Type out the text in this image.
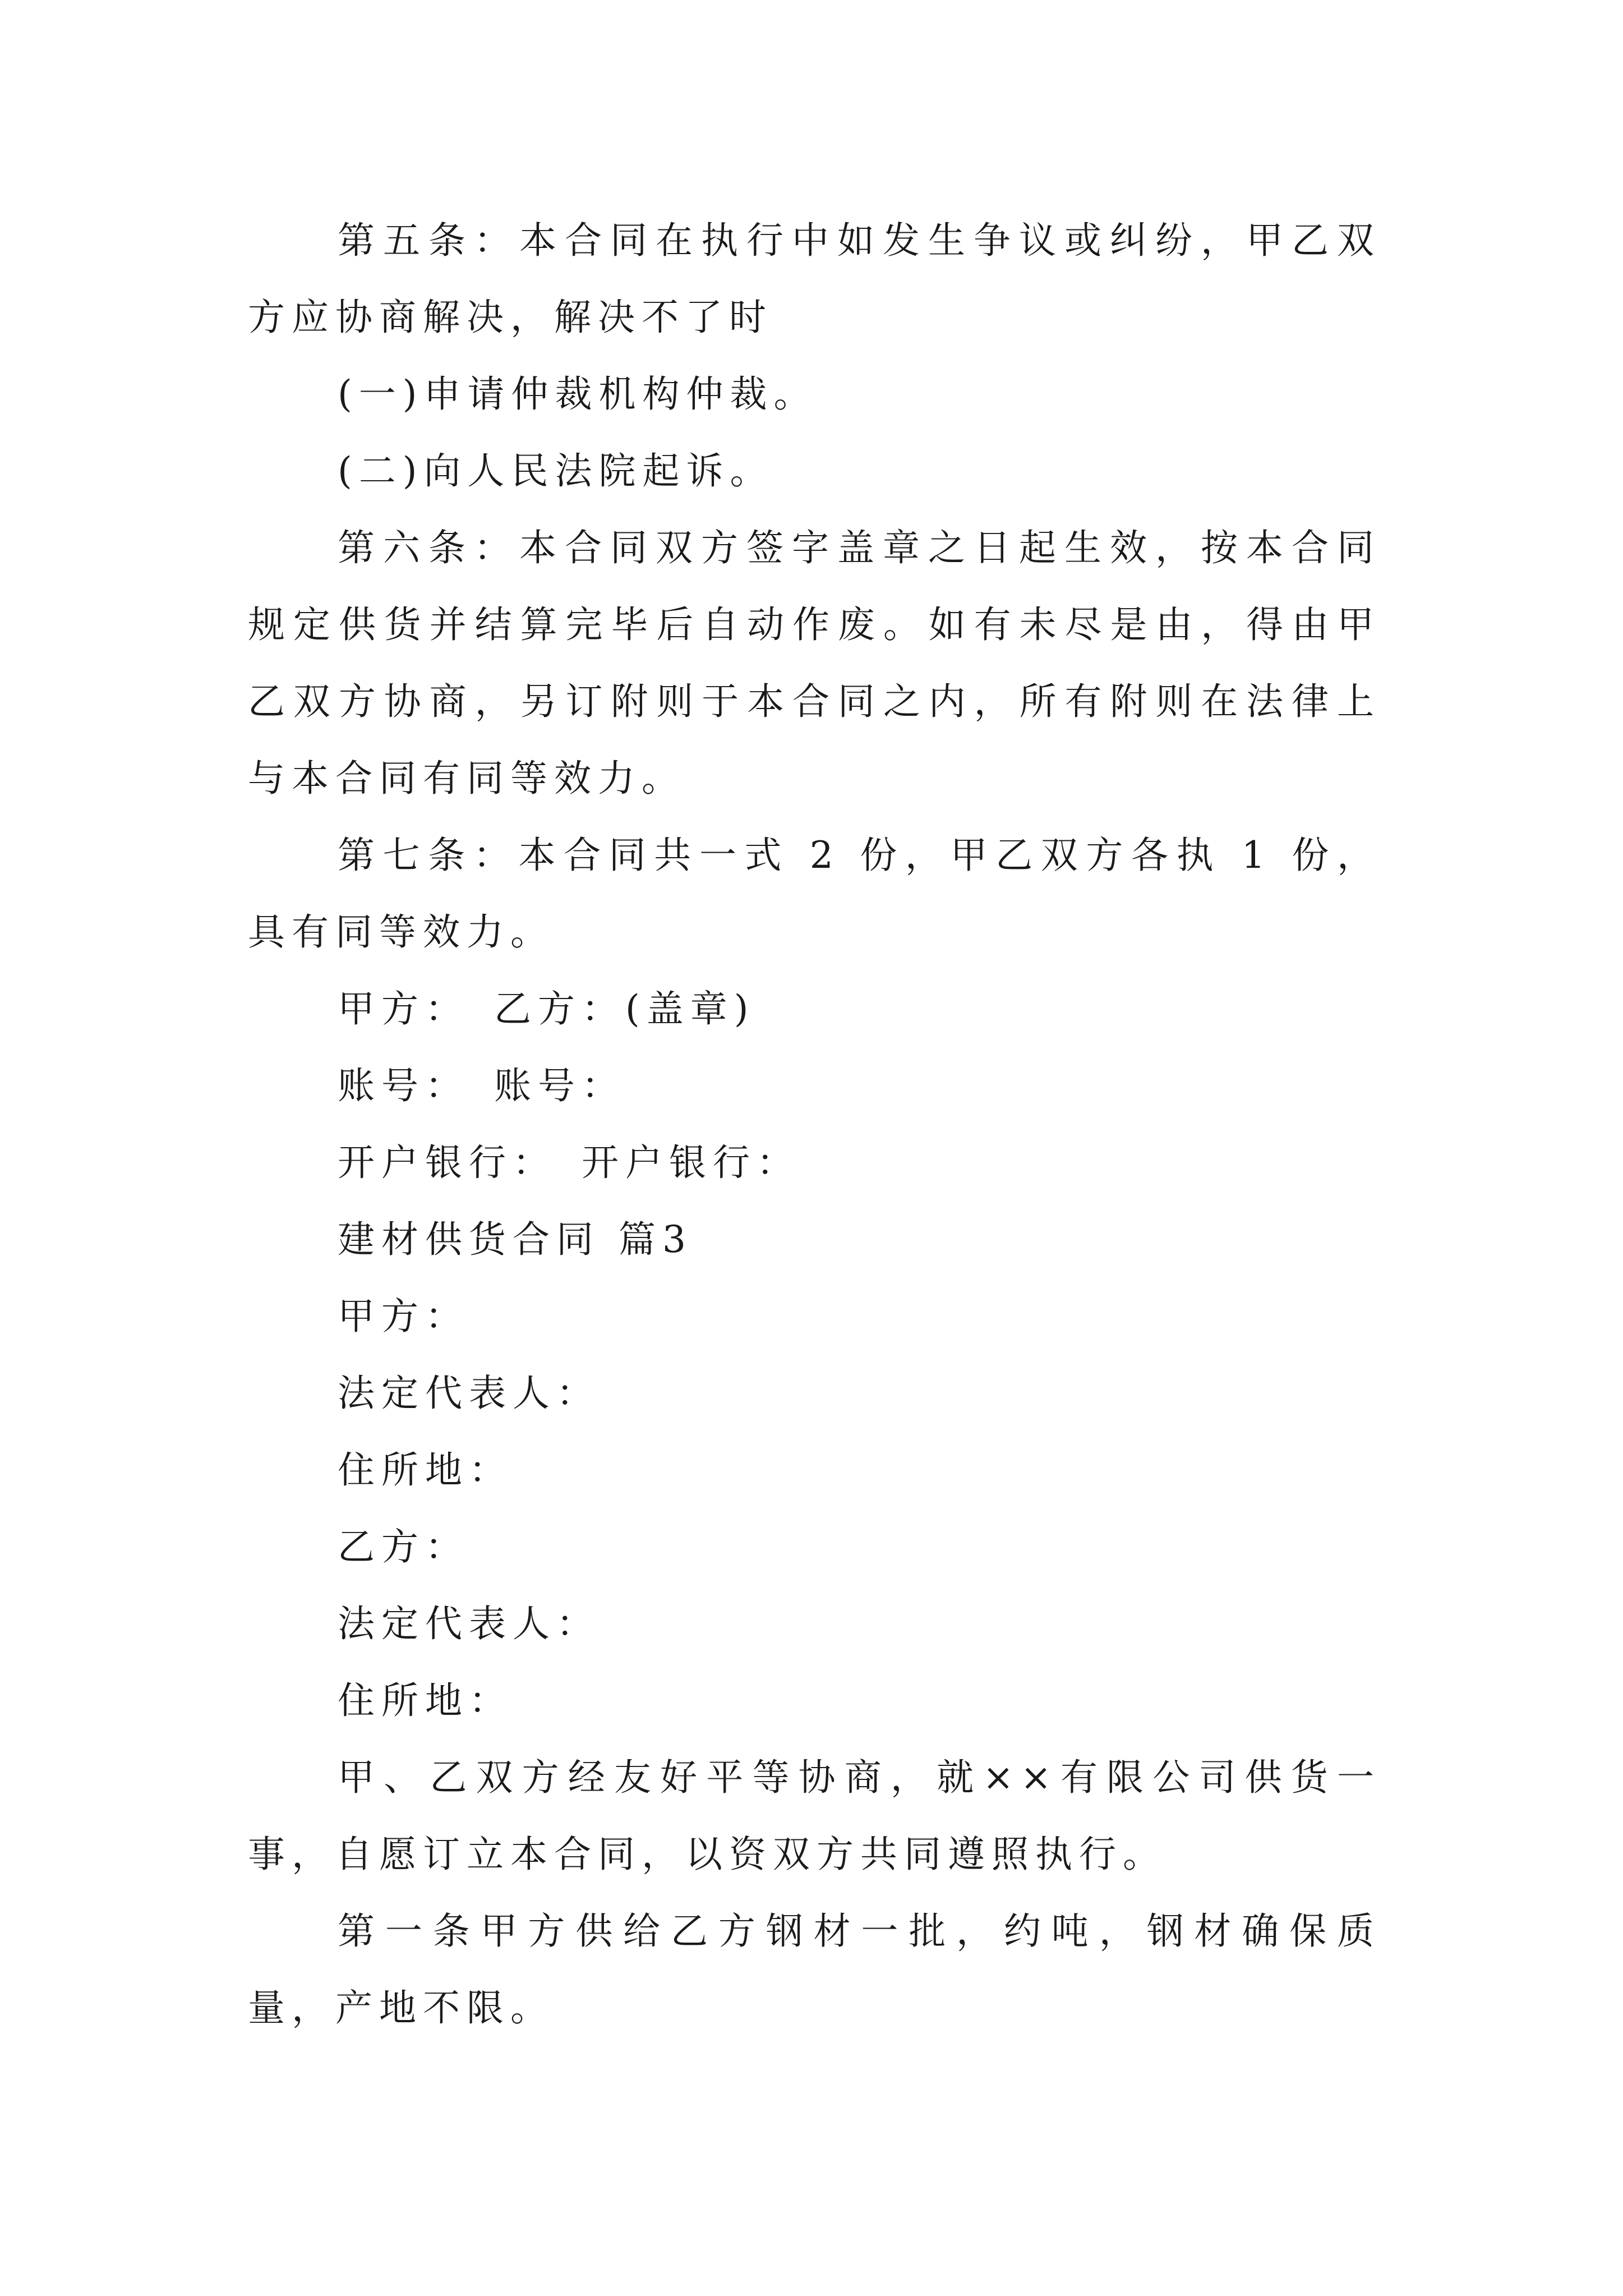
第五条：本合同在执行中如发生争议或纠纷，甲乙双方应协商解决，解决不了时

(一)申请仲裁机构仲裁。

(二)向人民法院起诉。

第六条：本合同双方签字盖章之日起生效，按本合同规定供货并结算完毕后自动作废。如有未尽是由，得由甲乙双方协商，另订附则于本合同之内，所有附则在法律上与本合同有同等效力。

第七条：本合同共一式 2 份，甲乙双方各执 1 份，具有同等效力。

甲方：　乙方：(盖章)

账号：　账号：

开户银行：　开户银行：

建材供货合同 篇3

甲方：

法定代表人：

住所地：

乙方：

法定代表人：

住所地：

甲、乙双方经友好平等协商，就××有限公司供货一事，自愿订立本合同，以资双方共同遵照执行。

第一条甲方供给乙方钢材一批，约吨，钢材确保质量，产地不限。
